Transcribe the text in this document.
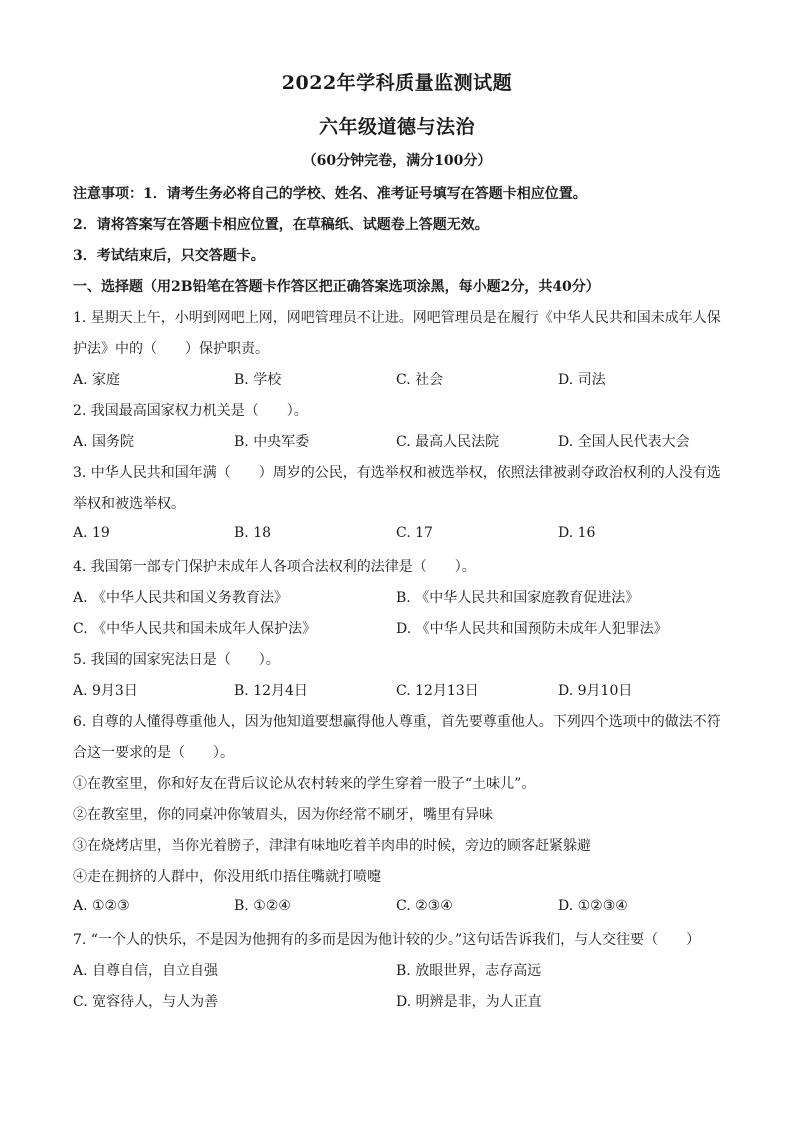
2022年学科质量监测试题
六年级道德与法治
（60分钟完卷，满分100分）
注意事项：1．请考生务必将自己的学校、姓名、准考证号填写在答题卡相应位置。
2．请将答案写在答题卡相应位置，在草稿纸、试题卷上答题无效。
3．考试结束后，只交答题卡。
一、选择题（用2B铅笔在答题卡作答区把正确答案选项涂黑，每小题2分，共40分）
1. 星期天上午，小明到网吧上网，网吧管理员不让进。网吧管理员是在履行《中华人民共和国未成年人保
护法》中的（　　）保护职责。
A. 家庭	B. 学校	C. 社会	D. 司法
2. 我国最高国家权力机关是（　　）。
A. 国务院	B. 中央军委	C. 最高人民法院	D. 全国人民代表大会
3. 中华人民共和国年满（　　）周岁的公民，有选举权和被选举权，依照法律被剥夺政治权利的人没有选
举权和被选举权。
A. 19	B. 18	C. 17	D. 16
4. 我国第一部专门保护未成年人各项合法权利的法律是（　　）。
A. 《中华人民共和国义务教育法》	B. 《中华人民共和国家庭教育促进法》
C. 《中华人民共和国未成年人保护法》	D. 《中华人民共和国预防未成年人犯罪法》
5. 我国的国家宪法日是（　　）。
A. 9月3日	B. 12月4日	C. 12月13日	D. 9月10日
6. 自尊的人懂得尊重他人，因为他知道要想赢得他人尊重，首先要尊重他人。下列四个选项中的做法不符
合这一要求的是（　　）。
①在教室里，你和好友在背后议论从农村转来的学生穿着一股子“土味儿”。
②在教室里，你的同桌冲你皱眉头，因为你经常不刷牙，嘴里有异味
③在烧烤店里，当你光着膀子，津津有味地吃着羊肉串的时候，旁边的顾客赶紧躲避
④走在拥挤的人群中，你没用纸巾捂住嘴就打喷嚏
A. ①②③	B. ①②④	C. ②③④	D. ①②③④
7. “一个人的快乐，不是因为他拥有的多而是因为他计较的少。”这句话告诉我们，与人交往要（　　）
A. 自尊自信，自立自强	B. 放眼世界，志存高远
C. 宽容待人，与人为善	D. 明辨是非，为人正直
